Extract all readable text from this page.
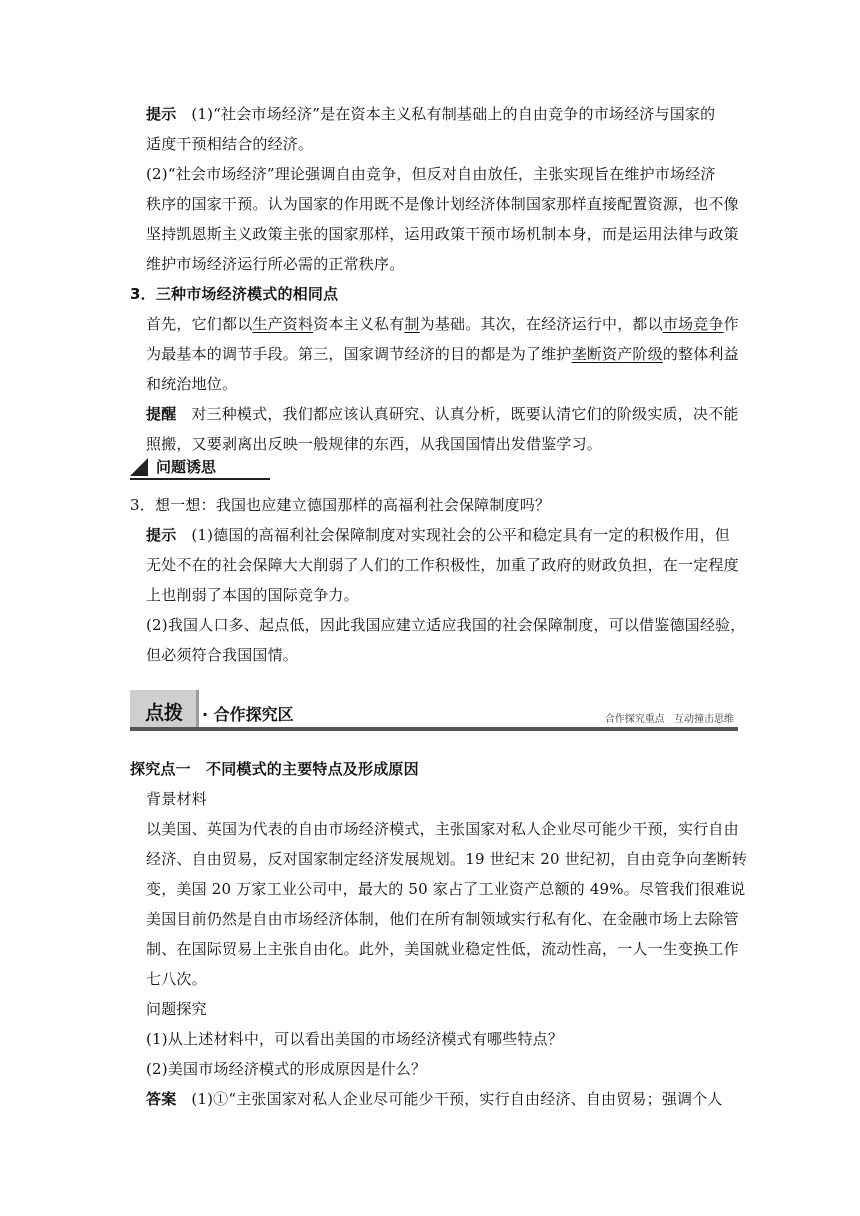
提示 (1)“社会市场经济”是在资本主义私有制基础上的自由竞争的市场经济与国家的
适度干预相结合的经济。
(2)“社会市场经济”理论强调自由竞争，但反对自由放任，主张实现旨在维护市场经济
秩序的国家干预。认为国家的作用既不是像计划经济体制国家那样直接配置资源，也不像
坚持凯恩斯主义政策主张的国家那样，运用政策干预市场机制本身，而是运用法律与政策
维护市场经济运行所必需的正常秩序。
3．三种市场经济模式的相同点
首先，它们都以生产资料资本主义私有制为基础。其次，在经济运行中，都以市场竞争作
为最基本的调节手段。第三，国家调节经济的目的都是为了维护垄断资产阶级的整体利益
和统治地位。
提醒 对三种模式，我们都应该认真研究、认真分析，既要认清它们的阶级实质，决不能
照搬，又要剥离出反映一般规律的东西，从我国国情出发借鉴学习。
问题诱思
3．想一想：我国也应建立德国那样的高福利社会保障制度吗？
提示 (1)德国的高福利社会保障制度对实现社会的公平和稳定具有一定的积极作用，但
无处不在的社会保障大大削弱了人们的工作积极性，加重了政府的财政负担，在一定程度
上也削弱了本国的国际竞争力。
(2)我国人口多、起点低，因此我国应建立适应我国的社会保障制度，可以借鉴德国经验，
但必须符合我国国情。
点拨 · 合作探究区	合作探究重点 互动撞击思维
探究点一　不同模式的主要特点及形成原因
背景材料
以美国、英国为代表的自由市场经济模式，主张国家对私人企业尽可能少干预，实行自由
经济、自由贸易，反对国家制定经济发展规划。19 世纪末 20 世纪初，自由竞争向垄断转
变，美国 20 万家工业公司中，最大的 50 家占了工业资产总额的 49%。尽管我们很难说
美国目前仍然是自由市场经济体制，他们在所有制领域实行私有化、在金融市场上去除管
制、在国际贸易上主张自由化。此外，美国就业稳定性低，流动性高，一人一生变换工作
七八次。
问题探究
(1)从上述材料中，可以看出美国的市场经济模式有哪些特点？
(2)美国市场经济模式的形成原因是什么？
答案 (1)①“主张国家对私人企业尽可能少干预，实行自由经济、自由贸易；强调个人
